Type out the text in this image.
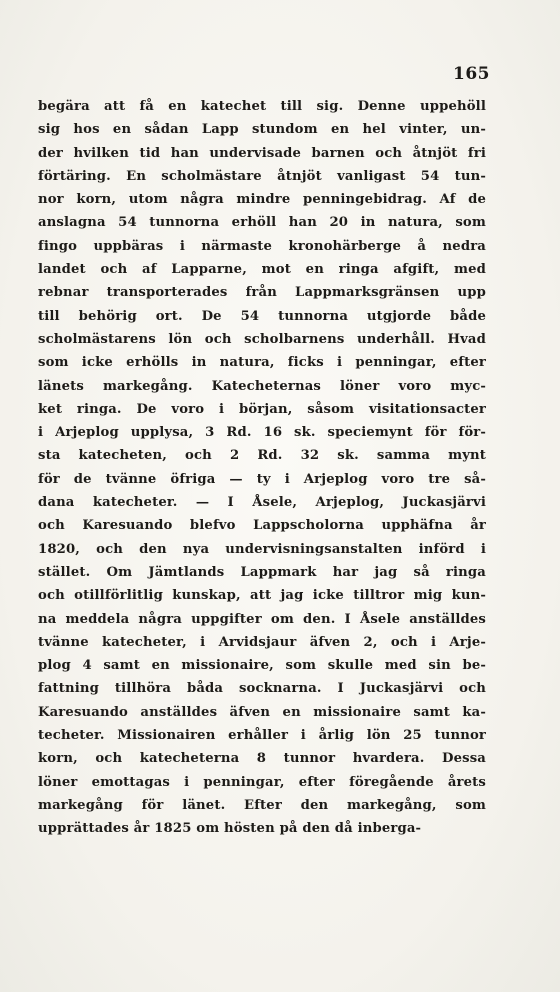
165
begära att få en katechet till sig. Denne uppehöll
sig hos en sådan Lapp stundom en hel vinter, un-
der hvilken tid han undervisade barnen och åtnjöt fri
förtäring. En scholmästare åtnjöt vanligast 54 tun-
nor korn, utom några mindre penningebidrag. Af de
anslagna 54 tunnorna erhöll han 20 in natura, som
fingo uppbäras i närmaste kronohärberge å nedra
landet och af Lapparne, mot en ringa afgift, med
rebnar transporterades från Lappmarksgränsen upp
till behörig ort. De 54 tunnorna utgjorde både
scholmästarens lön och scholbarnens underhåll. Hvad
som icke erhölls in natura, ficks i penningar, efter
länets markegång. Katecheternas löner voro myc-
ket ringa. De voro i början, såsom visitationsacter
i Arjeplog upplysa, 3 Rd. 16 sk. speciemynt för för-
sta katecheten, och 2 Rd. 32 sk. samma mynt
för de tvänne öfriga — ty i Arjeplog voro tre så-
dana katecheter. — I Åsele, Arjeplog, Juckasjärvi
och Karesuando blefvo Lappscholorna upphäfna år
1820, och den nya undervisningsanstalten införd i
stället. Om Jämtlands Lappmark har jag så ringa
och otillförlitlig kunskap, att jag icke tilltror mig kun-
na meddela några uppgifter om den. I Åsele anställdes
tvänne katecheter, i Arvidsjaur äfven 2, och i Arje-
plog 4 samt en missionaire, som skulle med sin be-
fattning tillhöra båda socknarna. I Juckasjärvi och
Karesuando anställdes äfven en missionaire samt ka-
techeter. Missionairen erhåller i årlig lön 25 tunnor
korn, och katecheterna 8 tunnor hvardera. Dessa
löner emottagas i penningar, efter föregående årets
markegång för länet. Efter den markegång, som
upprättades år 1825 om hösten på den då inberga-
